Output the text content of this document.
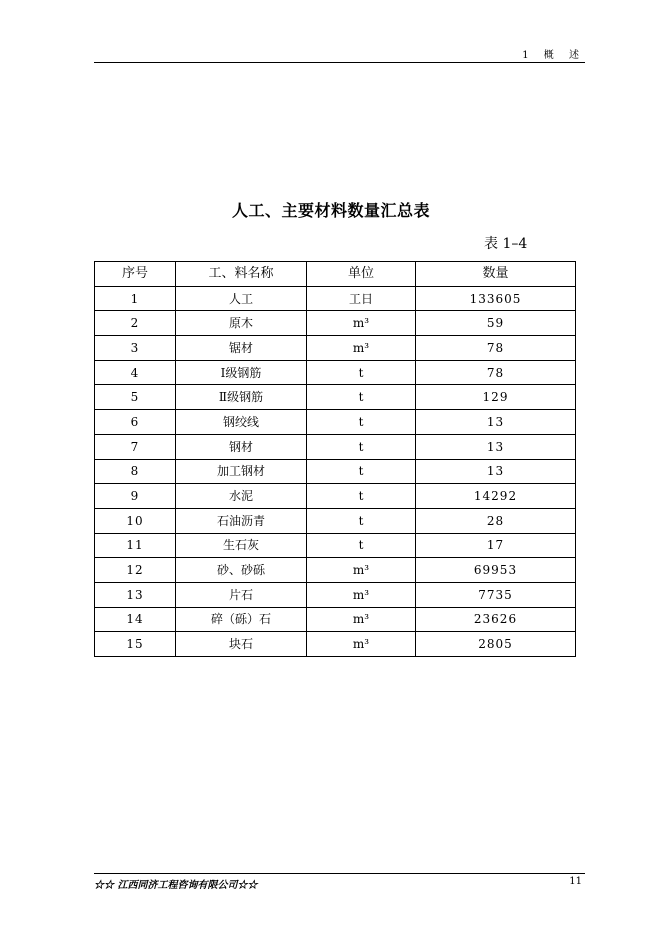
1 概 述
人工、主要材料数量汇总表
表 1–4
序号	工、料名称	单位	数量
1	人工	工日	133605
2	原木	m³	59
3	锯材	m³	78
4	Ⅰ级钢筋	t	78
5	Ⅱ级钢筋	t	129
6	钢绞线	t	13
7	钢材	t	13
8	加工钢材	t	13
9	水泥	t	14292
10	石油沥青	t	28
11	生石灰	t	17
12	砂、砂砾	m³	69953
13	片石	m³	7735
14	碎（砾）石	m³	23626
15	块石	m³	2805
☆☆ 江西同济工程咨询有限公司☆☆	11
